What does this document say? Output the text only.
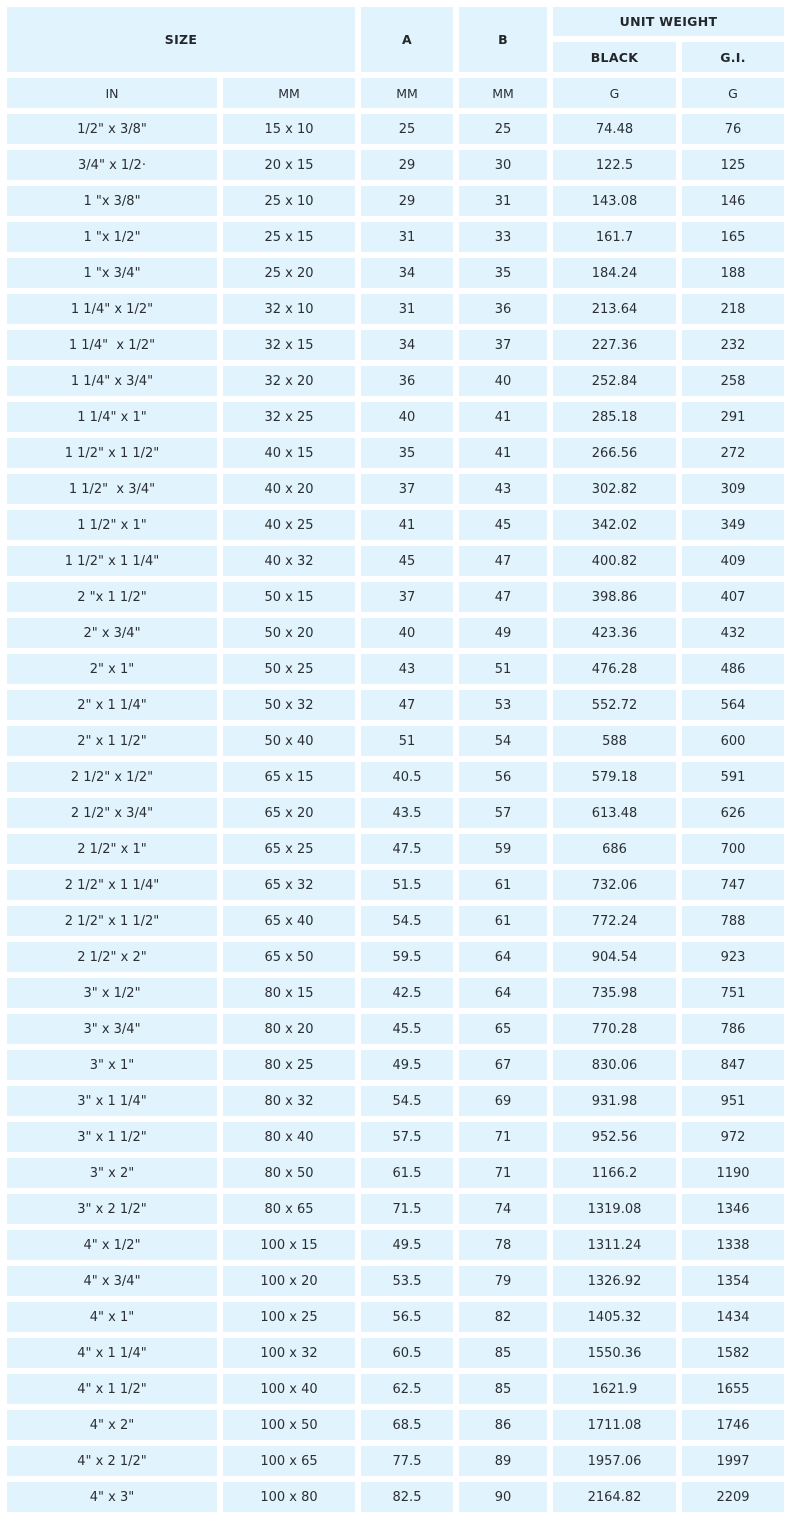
SIZE	A	B
UNIT WEIGHT
BLACK	G.I.
IN	MM	MM	MM	G	G
1/2" x 3/8"	15 x 10	25	25	74.48	76
3/4" x 1/2·	20 x 15	29	30	122.5	125
1 "x 3/8"	25 x 10	29	31	143.08	146
1 "x 1/2"	25 x 15	31	33	161.7	165
1 "x 3/4"	25 x 20	34	35	184.24	188
1 1/4" x 1/2"	32 x 10	31	36	213.64	218
1 1/4"  x 1/2"	32 x 15	34	37	227.36	232
1 1/4" x 3/4"	32 x 20	36	40	252.84	258
1 1/4" x 1"	32 x 25	40	41	285.18	291
1 1/2" x 1 1/2"	40 x 15	35	41	266.56	272
1 1/2"  x 3/4"	40 x 20	37	43	302.82	309
1 1/2" x 1"	40 x 25	41	45	342.02	349
1 1/2" x 1 1/4"	40 x 32	45	47	400.82	409
2 "x 1 1/2"	50 x 15	37	47	398.86	407
2" x 3/4"	50 x 20	40	49	423.36	432
2" x 1"	50 x 25	43	51	476.28	486
2" x 1 1/4"	50 x 32	47	53	552.72	564
2" x 1 1/2"	50 x 40	51	54	588	600
2 1/2" x 1/2"	65 x 15	40.5	56	579.18	591
2 1/2" x 3/4"	65 x 20	43.5	57	613.48	626
2 1/2" x 1"	65 x 25	47.5	59	686	700
2 1/2" x 1 1/4"	65 x 32	51.5	61	732.06	747
2 1/2" x 1 1/2"	65 x 40	54.5	61	772.24	788
2 1/2" x 2"	65 x 50	59.5	64	904.54	923
3" x 1/2"	80 x 15	42.5	64	735.98	751
3" x 3/4"	80 x 20	45.5	65	770.28	786
3" x 1"	80 x 25	49.5	67	830.06	847
3" x 1 1/4"	80 x 32	54.5	69	931.98	951
3" x 1 1/2"	80 x 40	57.5	71	952.56	972
3" x 2"	80 x 50	61.5	71	1166.2	1190
3" x 2 1/2"	80 x 65	71.5	74	1319.08	1346
4" x 1/2"	100 x 15	49.5	78	1311.24	1338
4" x 3/4"	100 x 20	53.5	79	1326.92	1354
4" x 1"	100 x 25	56.5	82	1405.32	1434
4" x 1 1/4"	100 x 32	60.5	85	1550.36	1582
4" x 1 1/2"	100 x 40	62.5	85	1621.9	1655
4" x 2"	100 x 50	68.5	86	1711.08	1746
4" x 2 1/2"	100 x 65	77.5	89	1957.06	1997
4" x 3"	100 x 80	82.5	90	2164.82	2209
